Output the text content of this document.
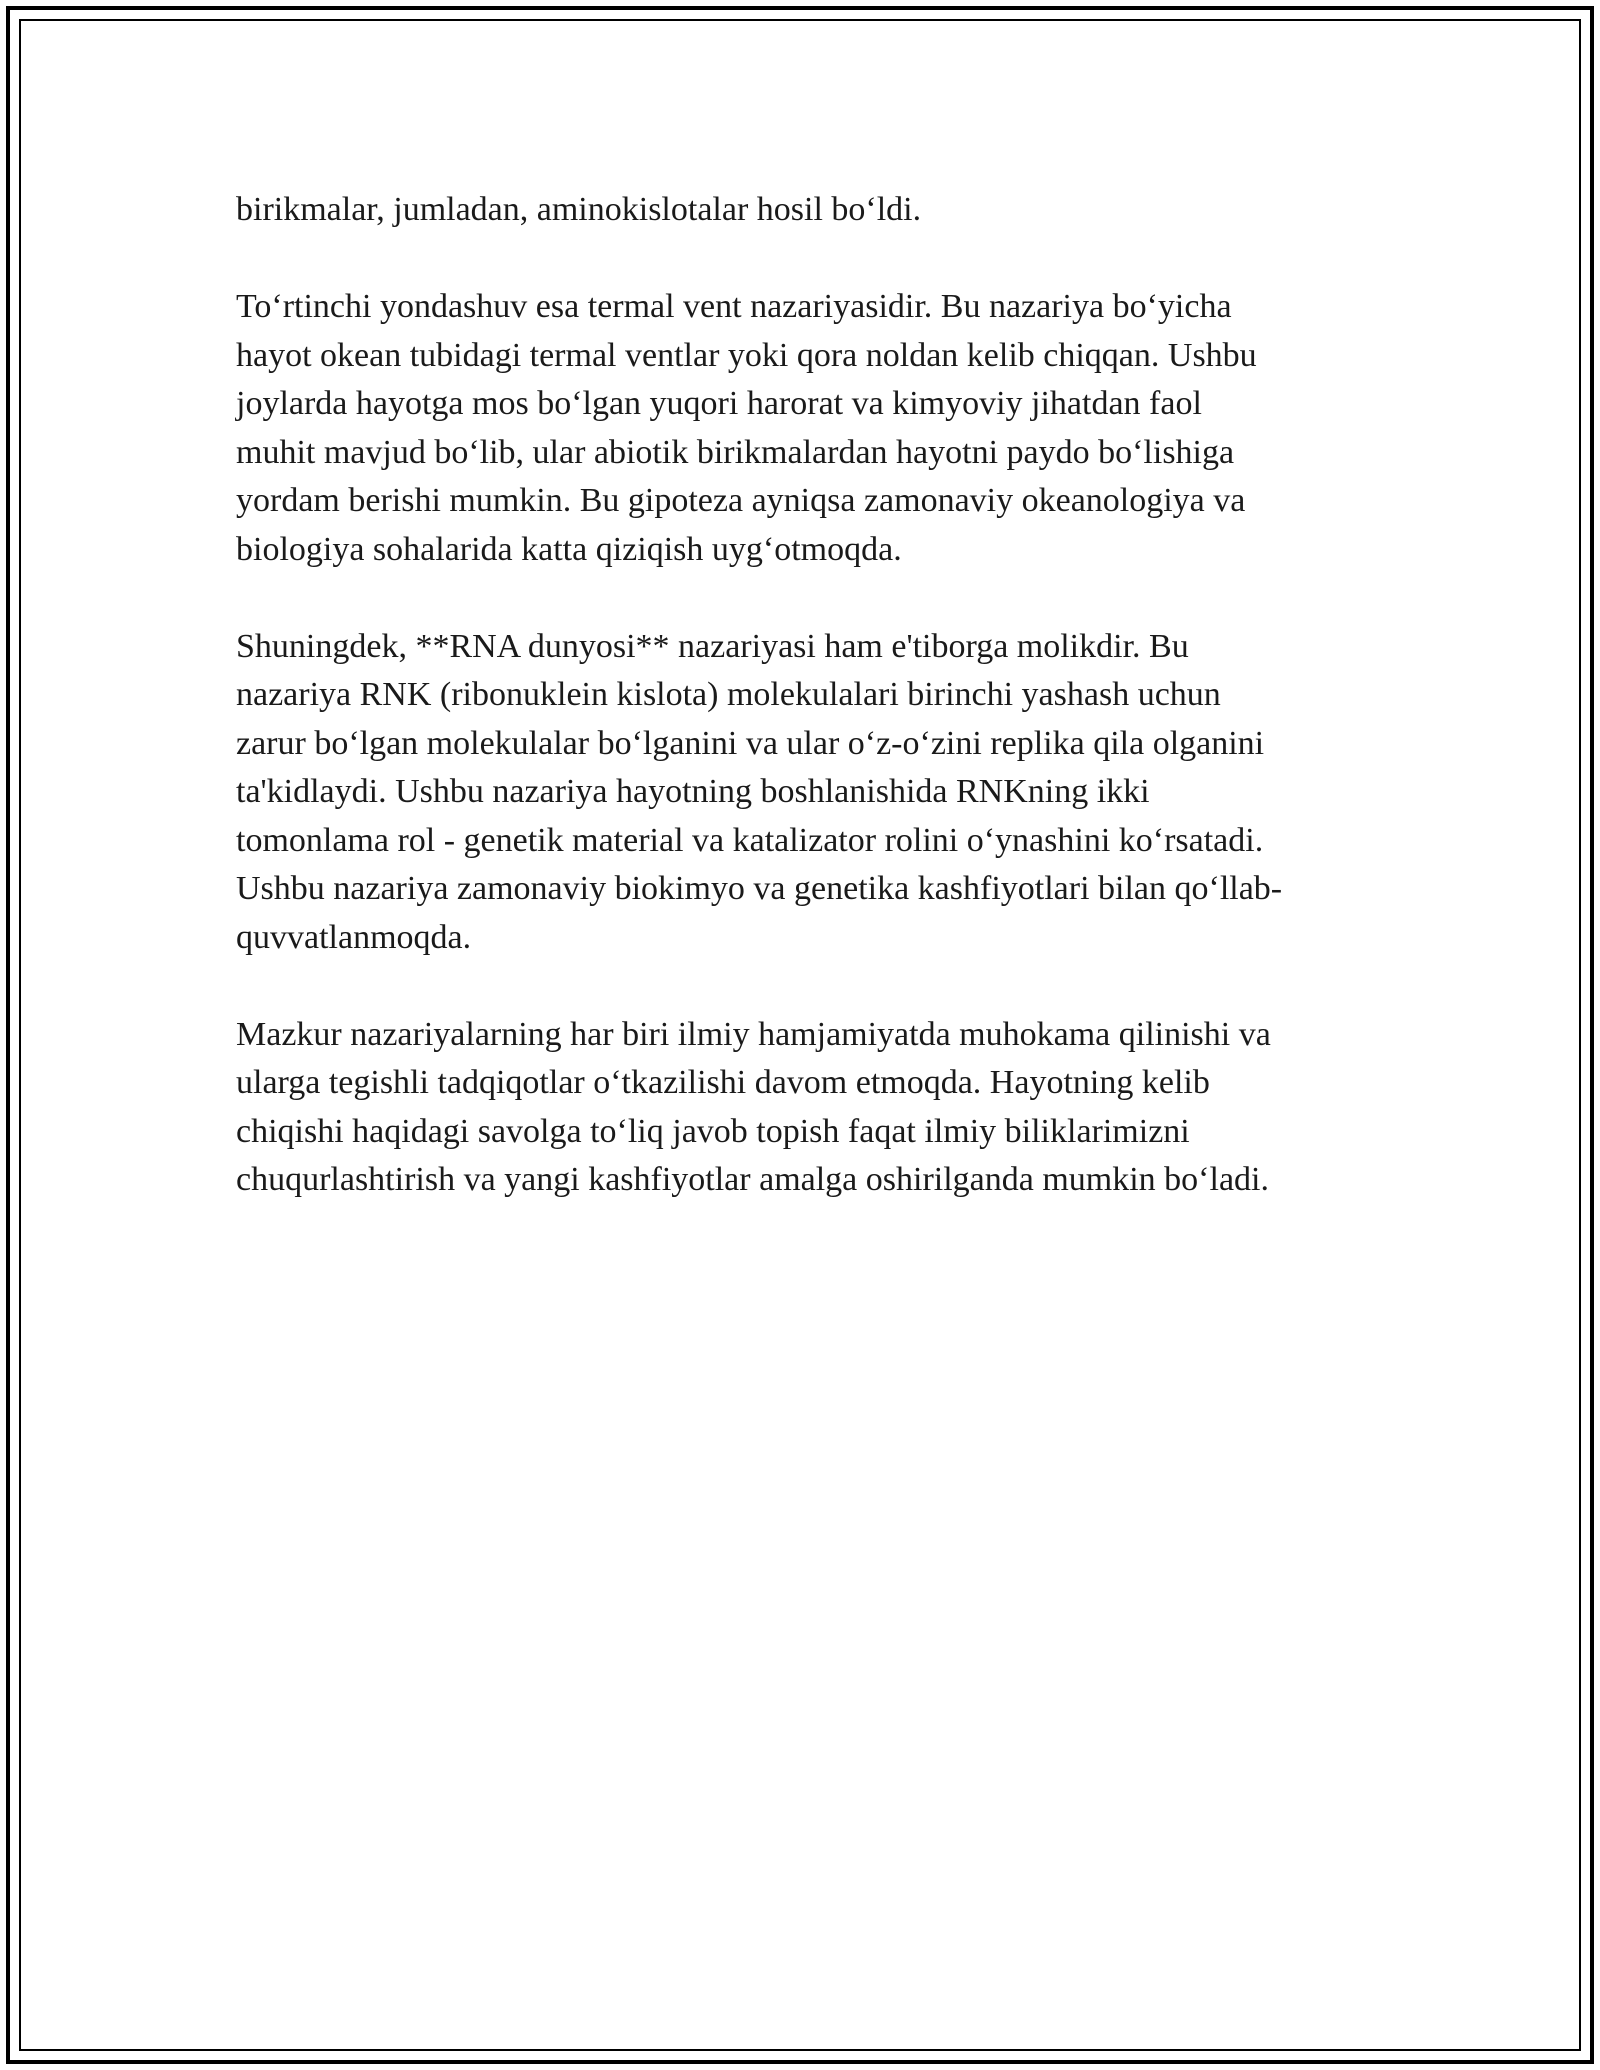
birikmalar, jumladan, aminokislotalar hosil bo‘ldi.

To‘rtinchi yondashuv esa termal vent nazariyasidir. Bu nazariya bo‘yicha
hayot okean tubidagi termal ventlar yoki qora noldan kelib chiqqan. Ushbu
joylarda hayotga mos bo‘lgan yuqori harorat va kimyoviy jihatdan faol
muhit mavjud bo‘lib, ular abiotik birikmalardan hayotni paydo bo‘lishiga
yordam berishi mumkin. Bu gipoteza ayniqsa zamonaviy okeanologiya va
biologiya sohalarida katta qiziqish uyg‘otmoqda.

Shuningdek, **RNA dunyosi** nazariyasi ham e'tiborga molikdir. Bu
nazariya RNK (ribonuklein kislota) molekulalari birinchi yashash uchun
zarur bo‘lgan molekulalar bo‘lganini va ular o‘z-o‘zini replika qila olganini
ta'kidlaydi. Ushbu nazariya hayotning boshlanishida RNKning ikki
tomonlama rol - genetik material va katalizator rolini o‘ynashini ko‘rsatadi.
Ushbu nazariya zamonaviy biokimyo va genetika kashfiyotlari bilan qo‘llab-
quvvatlanmoqda.

Mazkur nazariyalarning har biri ilmiy hamjamiyatda muhokama qilinishi va
ularga tegishli tadqiqotlar o‘tkazilishi davom etmoqda. Hayotning kelib
chiqishi haqidagi savolga to‘liq javob topish faqat ilmiy biliklarimizni
chuqurlashtirish va yangi kashfiyotlar amalga oshirilganda mumkin bo‘ladi.
